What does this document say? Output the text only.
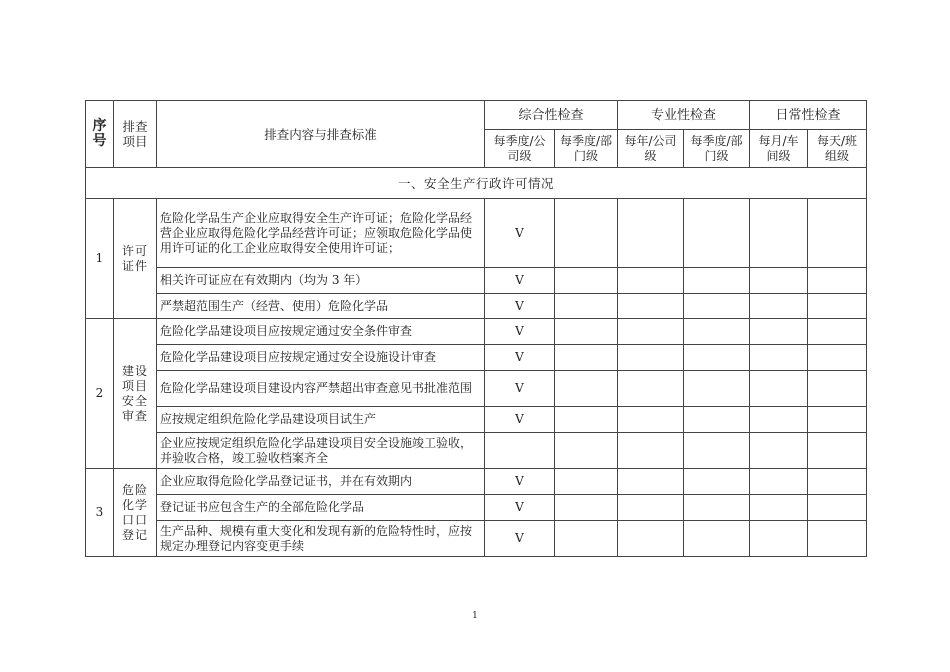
序号	排查项目	排查内容与排查标准	综合性检查		专业性检查		日常性检查	
			每季度/公司级	每季度/部门级	每年/公司级	每季度/部门级	每月/车间级	每天/班组级
一、安全生产行政许可情况								
1	许可证件	危险化学品生产企业应取得安全生产许可证；危险化学品经营企业应取得危险化学品经营许可证；应领取危险化学品使用许可证的化工企业应取得安全使用许可证；	V					
		相关许可证应在有效期内（均为 3 年）	V					
		严禁超范围生产（经营、使用）危险化学品	V					
2	建设项目安全审查	危险化学品建设项目应按规定通过安全条件审查	V					
		危险化学品建设项目应按规定通过安全设施设计审查	V					
		危险化学品建设项目建设内容严禁超出审查意见书批准范围	V					
		应按规定组织危险化学品建设项目试生产	V					
		企业应按规定组织危险化学品建设项目安全设施竣工验收，并验收合格，竣工验收档案齐全						
3	危险化学口口登记	企业应取得危险化学品登记证书，并在有效期内	V					
		登记证书应包含生产的全部危险化学品	V					
		生产品种、规模有重大变化和发现有新的危险特性时，应按规定办理登记内容变更手续	V					
1
